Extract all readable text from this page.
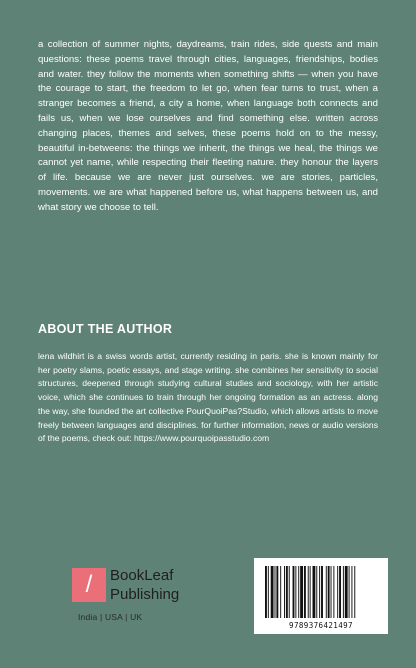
a collection of summer nights, daydreams, train rides, side quests and main questions: these poems travel through cities, languages, friendships, bodies and water. they follow the moments when something shifts — when you have the courage to start, the freedom to let go, when fear turns to trust, when a stranger becomes a friend, a city a home, when language both connects and fails us, when we lose ourselves and find something else. written across changing places, themes and selves, these poems hold on to the messy, beautiful in-betweens: the things we inherit, the things we heal, the things we cannot yet name, while respecting their fleeting nature. they honour the layers of life. because we are never just ourselves. we are stories, particles, movements. we are what happened before us, what happens between us, and what story we choose to tell.

ABOUT THE AUTHOR

lena wildhirt is a swiss words artist, currently residing in paris. she is known mainly for her poetry slams, poetic essays, and stage writing. she combines her sensitivity to social structures, deepened through studying cultural studies and sociology, with her artistic voice, which she continues to train through her ongoing formation as an actress. along the way, she founded the art collective PourQuoiPas?Studio, which allows artists to move freely between languages and disciplines. for further information, news or audio versions of the poems, check out: https://www.pourquoipasstudio.com

/	BookLeaf
Publishing
India | USA | UK
9789376421497
